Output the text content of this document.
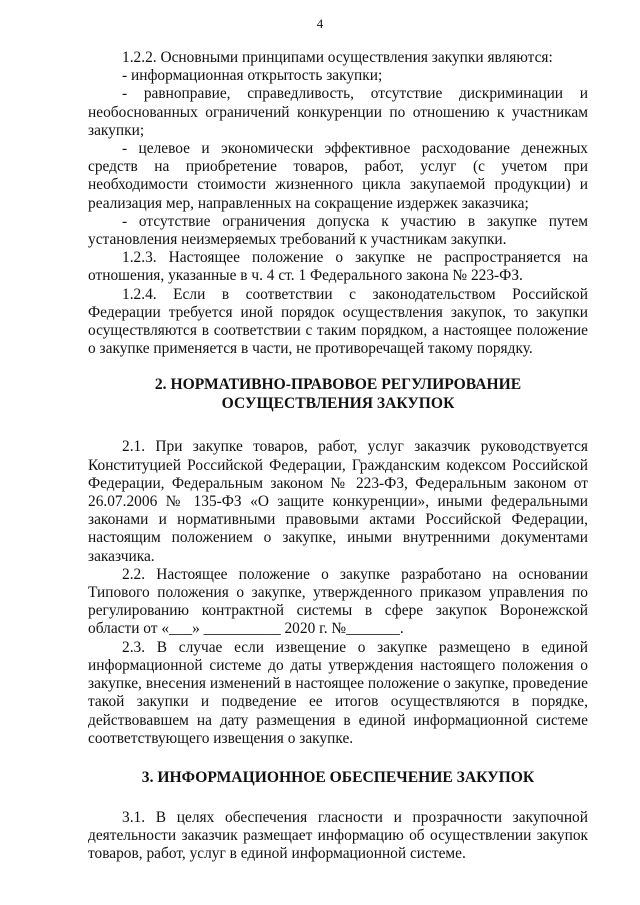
4

1.2.2. Основными принципами осуществления закупки являются:

- информационная открытость закупки;

- равноправие, справедливость, отсутствие дискриминации и необоснованных ограничений конкуренции по отношению к участникам закупки;

- целевое и экономически эффективное расходование денежных средств на приобретение товаров, работ, услуг (с учетом при необходимости стоимости жизненного цикла закупаемой продукции) и реализация мер, направленных на сокращение издержек заказчика;

- отсутствие ограничения допуска к участию в закупке путем установления неизмеряемых требований к участникам закупки.

1.2.3. Настоящее положение о закупке не распространяется на отношения, указанные в ч. 4 ст. 1 Федерального закона № 223-ФЗ.

1.2.4. Если в соответствии с законодательством Российской Федерации требуется иной порядок осуществления закупок, то закупки осуществляются в соответствии с таким порядком, а настоящее положение о закупке применяется в части, не противоречащей такому порядку.

2. НОРМАТИВНО-ПРАВОВОЕ РЕГУЛИРОВАНИЕ
ОСУЩЕСТВЛЕНИЯ ЗАКУПОК

2.1. При закупке товаров, работ, услуг заказчик руководствуется Конституцией Российской Федерации, Гражданским кодексом Российской Федерации, Федеральным законом № 223-ФЗ, Федеральным законом от 26.07.2006 № 135-ФЗ «О защите конкуренции», иными федеральными законами и нормативными правовыми актами Российской Федерации, настоящим положением о закупке, иными внутренними документами заказчика.

2.2. Настоящее положение о закупке разработано на основании Типового положения о закупке, утвержденного приказом управления по регулированию контрактной системы в сфере закупок Воронежской области от «___» __________ 2020 г. №_______.

2.3. В случае если извещение о закупке размещено в единой информационной системе до даты утверждения настоящего положения о закупке, внесения изменений в настоящее положение о закупке, проведение такой закупки и подведение ее итогов осуществляются в порядке, действовавшем на дату размещения в единой информационной системе соответствующего извещения о закупке.

3. ИНФОРМАЦИОННОЕ ОБЕСПЕЧЕНИЕ ЗАКУПОК

3.1. В целях обеспечения гласности и прозрачности закупочной деятельности заказчик размещает информацию об осуществлении закупок товаров, работ, услуг в единой информационной системе.
